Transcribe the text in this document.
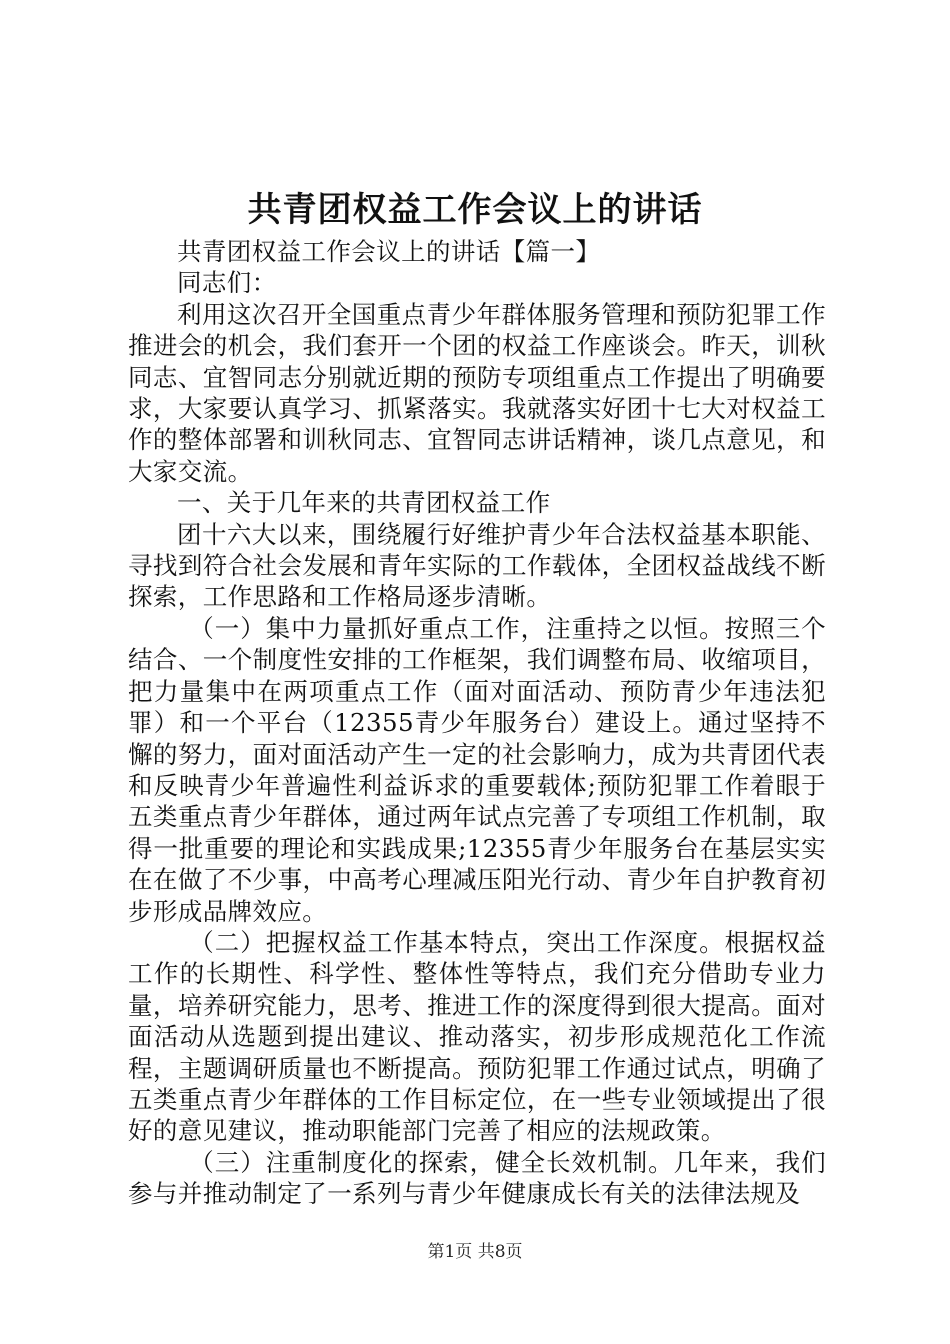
共青团权益工作会议上的讲话

共青团权益工作会议上的讲话【篇一】

同志们：

利用这次召开全国重点青少年群体服务管理和预防犯罪工作推进会的机会，我们套开一个团的权益工作座谈会。昨天，训秋同志、宜智同志分别就近期的预防专项组重点工作提出了明确要求，大家要认真学习、抓紧落实。我就落实好团十七大对权益工作的整体部署和训秋同志、宜智同志讲话精神，谈几点意见，和大家交流。

一、关于几年来的共青团权益工作

团十六大以来，围绕履行好维护青少年合法权益基本职能、寻找到符合社会发展和青年实际的工作载体，全团权益战线不断探索，工作思路和工作格局逐步清晰。

（一）集中力量抓好重点工作，注重持之以恒。按照三个结合、一个制度性安排的工作框架，我们调整布局、收缩项目，把力量集中在两项重点工作（面对面活动、预防青少年违法犯罪）和一个平台（12355青少年服务台）建设上。通过坚持不懈的努力，面对面活动产生一定的社会影响力，成为共青团代表和反映青少年普遍性利益诉求的重要载体;预防犯罪工作着眼于五类重点青少年群体，通过两年试点完善了专项组工作机制，取得一批重要的理论和实践成果;12355青少年服务台在基层实实在在做了不少事，中高考心理减压阳光行动、青少年自护教育初步形成品牌效应。

（二）把握权益工作基本特点，突出工作深度。根据权益工作的长期性、科学性、整体性等特点，我们充分借助专业力量，培养研究能力，思考、推进工作的深度得到很大提高。面对面活动从选题到提出建议、推动落实，初步形成规范化工作流程，主题调研质量也不断提高。预防犯罪工作通过试点，明确了五类重点青少年群体的工作目标定位，在一些专业领域提出了很好的意见建议，推动职能部门完善了相应的法规政策。

（三）注重制度化的探索，健全长效机制。几年来，我们参与并推动制定了一系列与青少年健康成长有关的法律法规及

第1页 共8页
